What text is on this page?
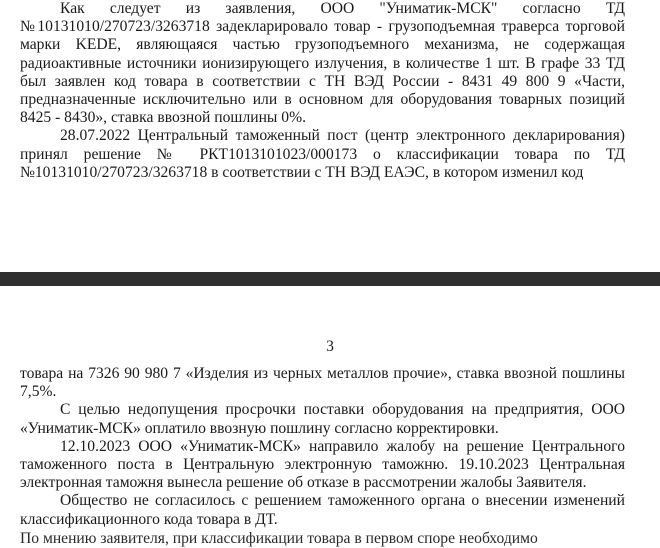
Как следует из заявления, ООО "Униматик-МСК" согласно ТД №10131010/270723/3263718 задекларировало товар - грузоподъемная траверса торговой марки KEDE, являющаяся частью грузоподъемного механизма, не содержащая радиоактивные источники ионизирующего излучения, в количестве 1 шт. В графе 33 ТД был заявлен код товара в соответствии с ТН ВЭД России - 8431 49 800 9 «Части, предназначенные исключительно или в основном для оборудования товарных позиций 8425 - 8430», ставка ввозной пошлины 0%.

28.07.2022 Центральный таможенный пост (центр электронного декларирования) принял решение № РКТ1013101023/000173 о классификации товара по ТД №10131010/270723/3263718 в соответствии с ТН ВЭД ЕАЭС, в котором изменил код

3

товара на 7326 90 980 7 «Изделия из черных металлов прочие», ставка ввозной пошлины 7,5%.

С целью недопущения просрочки поставки оборудования на предприятия, ООО «Униматик-МСК» оплатило ввозную пошлину согласно корректировки.

12.10.2023 ООО «Униматик-МСК» направило жалобу на решение Центрального таможенного поста в Центральную электронную таможню. 19.10.2023 Центральная электронная таможня вынесла решение об отказе в рассмотрении жалобы Заявителя.

Общество не согласилось с решением таможенного органа о внесении изменений классификационного кода товара в ДТ.

По мнению заявителя, при классификации товара в первом споре необходимо
